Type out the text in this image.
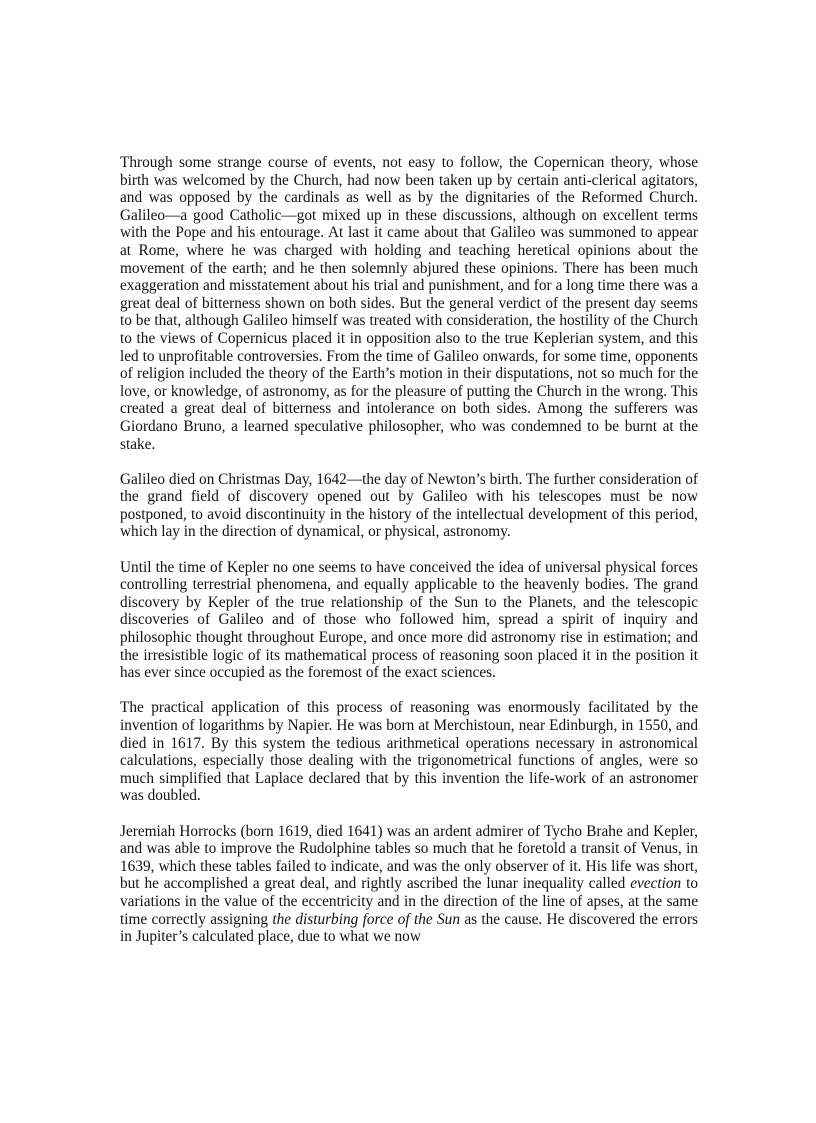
Through some strange course of events, not easy to follow, the Copernican theory, whose birth was welcomed by the Church, had now been taken up by certain anti-clerical agitators, and was opposed by the cardinals as well as by the dignitaries of the Reformed Church. Galileo—a good Catholic—got mixed up in these discussions, although on excellent terms with the Pope and his entourage. At last it came about that Galileo was summoned to appear at Rome, where he was charged with holding and teaching heretical opinions about the movement of the earth; and he then solemnly abjured these opinions. There has been much exaggeration and misstatement about his trial and punishment, and for a long time there was a great deal of bitterness shown on both sides. But the general verdict of the present day seems to be that, although Galileo himself was treated with consideration, the hostility of the Church to the views of Copernicus placed it in opposition also to the true Keplerian system, and this led to unprofitable controversies. From the time of Galileo onwards, for some time, opponents of religion included the theory of the Earth’s motion in their disputations, not so much for the love, or knowledge, of astronomy, as for the pleasure of putting the Church in the wrong. This created a great deal of bitterness and intolerance on both sides. Among the sufferers was Giordano Bruno, a learned speculative philosopher, who was condemned to be burnt at the stake.

Galileo died on Christmas Day, 1642—the day of Newton’s birth. The further consideration of the grand field of discovery opened out by Galileo with his telescopes must be now postponed, to avoid discontinuity in the history of the intellectual development of this period, which lay in the direction of dynamical, or physical, astronomy.

Until the time of Kepler no one seems to have conceived the idea of universal physical forces controlling terrestrial phenomena, and equally applicable to the heavenly bodies. The grand discovery by Kepler of the true relationship of the Sun to the Planets, and the telescopic discoveries of Galileo and of those who followed him, spread a spirit of inquiry and philosophic thought throughout Europe, and once more did astronomy rise in estimation; and the irresistible logic of its mathematical process of reasoning soon placed it in the position it has ever since occupied as the foremost of the exact sciences.

The practical application of this process of reasoning was enormously facilitated by the invention of logarithms by Napier. He was born at Merchistoun, near Edinburgh, in 1550, and died in 1617. By this system the tedious arithmetical operations necessary in astronomical calculations, especially those dealing with the trigonometrical functions of angles, were so much simplified that Laplace declared that by this invention the life-work of an astronomer was doubled.

Jeremiah Horrocks (born 1619, died 1641) was an ardent admirer of Tycho Brahe and Kepler, and was able to improve the Rudolphine tables so much that he foretold a transit of Venus, in 1639, which these tables failed to indicate, and was the only observer of it. His life was short, but he accomplished a great deal, and rightly ascribed the lunar inequality called evection to variations in the value of the eccentricity and in the direction of the line of apses, at the same time correctly assigning the disturbing force of the Sun as the cause. He discovered the errors in Jupiter’s calculated place, due to what we now
